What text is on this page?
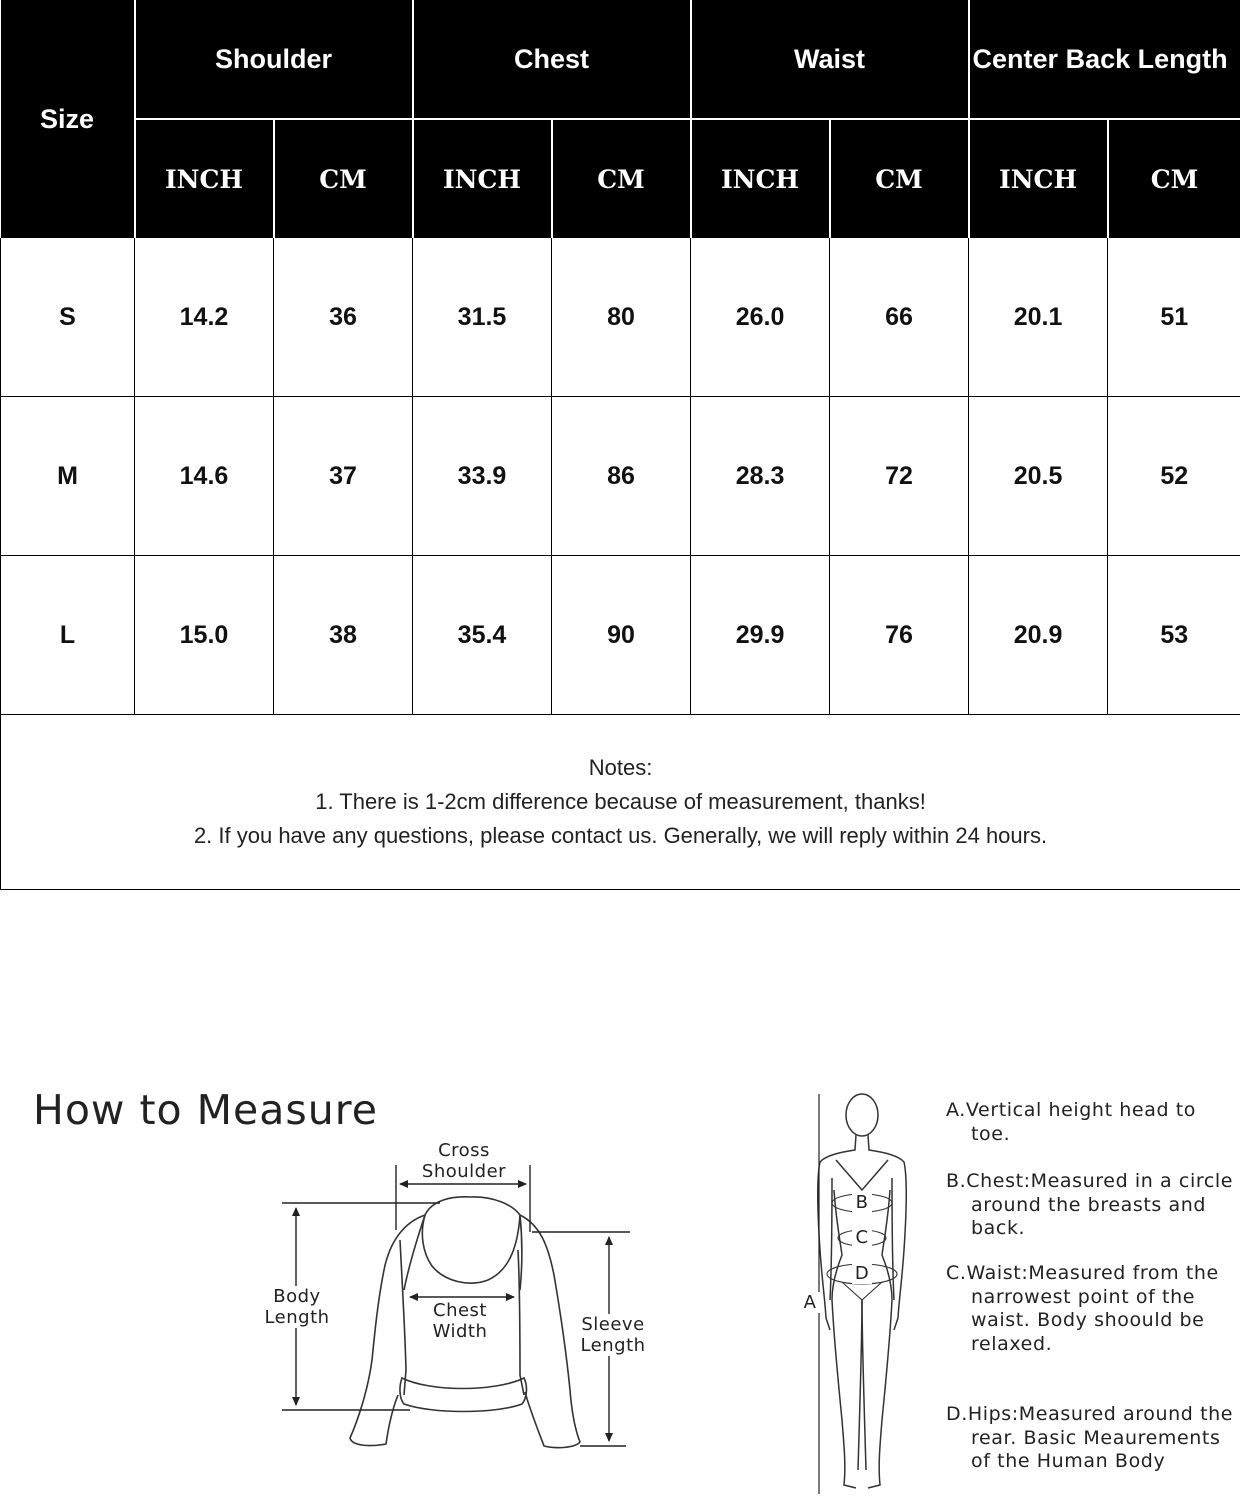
Size	Shoulder		Chest		Waist		Center Back Length	
	INCH	CM	INCH	CM	INCH	CM	INCH	CM
S	14.2	36	31.5	80	26.0	66	20.1	51
M	14.6	37	33.9	86	28.3	72	20.5	52
L	15.0	38	35.4	90	29.9	76	20.9	53

Notes:
1. There is 1-2cm difference because of measurement, thanks!
2. If you have any questions, please contact us. Generally, we will reply within 24 hours.								
How to Measure
Cross
Shoulder
Body
Length	Chest
Width	Sleeve
Length
A
B
C
D
A.Vertical height head to toe.
B.Chest:Measured in a circle around the breasts and back.
C.Waist:Measured from the narrowest point of the waist. Body shoould be relaxed.
D.Hips:Measured around the rear. Basic Meaurements of the Human Body
